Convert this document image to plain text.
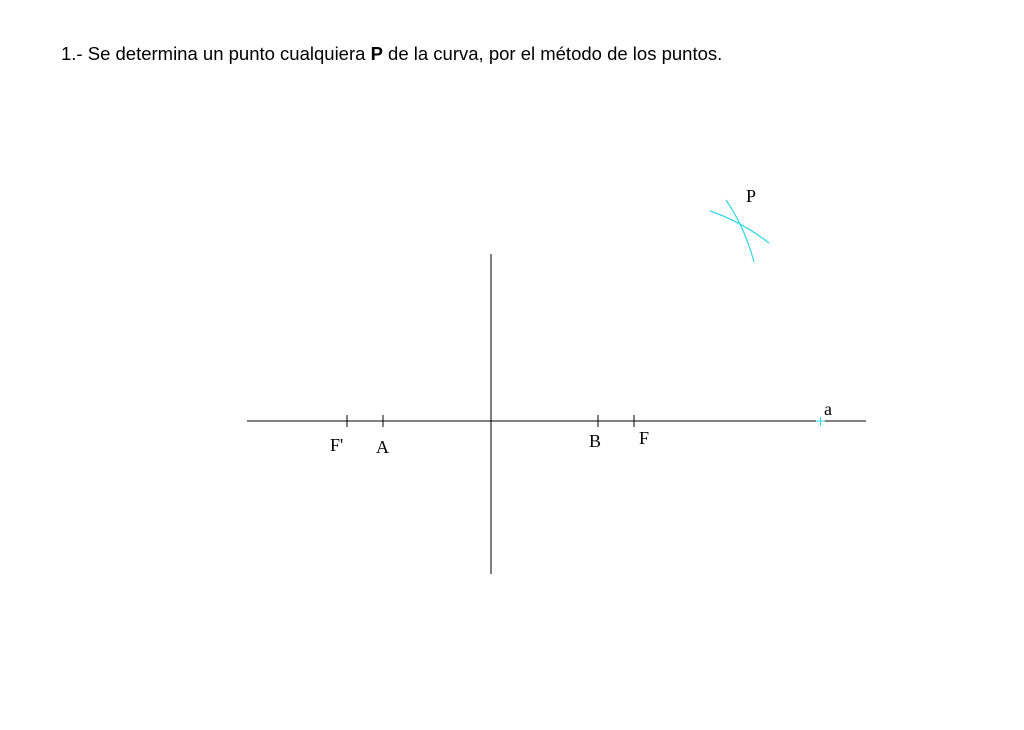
1.- Se determina un punto cualquiera P de la curva, por el método de los puntos.

F' A	B F
a
P
